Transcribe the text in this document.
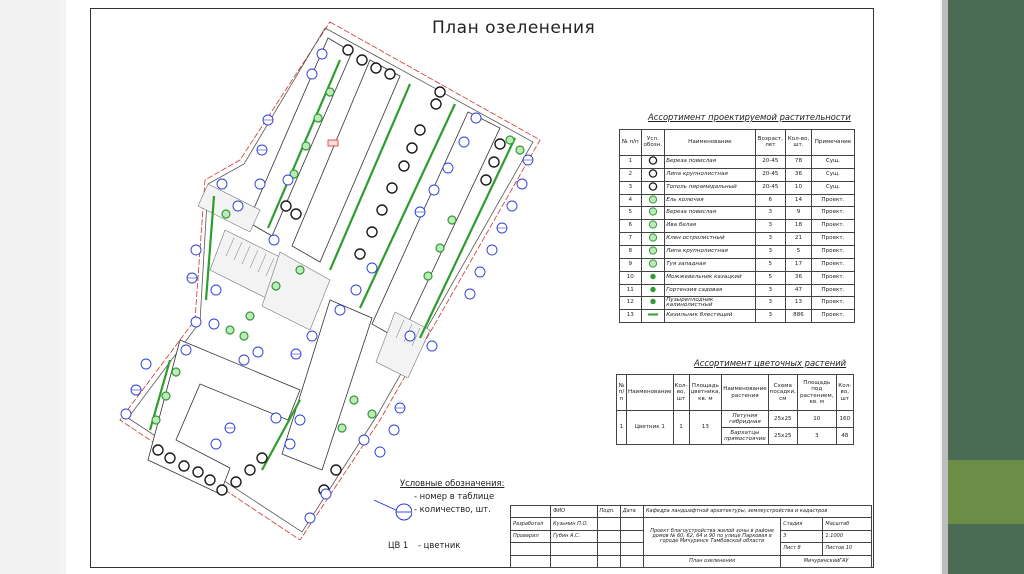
План озеленения
Ассортимент проектируемой растительности
№ п/п	Усл. обозн.	Наименование	Возраст, лет	Кол-во, шт.	Примечание
1		Береза повислая	20-45	78	Сущ.
2		Липа крупнолистная	20-45	36	Сущ.
3		Тополь пирамидальный	20-45	10	Сущ.
4		Ель колючая	6	14	Проект.
5		Береза повислая	3	9	Проект.
6		Ива белая	3	18	Проект.
7		Клен остролистный	3	21	Проект.
8		Липа крупнолистная	3	5	Проект.
9		Туя западная	5	17	Проект.
10		Можжевельник казацкий	5	36	Проект.
11		Гортензия садовая	3	47	Проект.
12		Пузыреплодник калинолистный	3	13	Проект.
13		Кизильник блестящий	3	886	Проект.
Ассортимент цветочных растений
№ п/п	Наименование	Кол-во, шт	Площадь цветника, кв. м	Наименование растения	Схема посадки, см	Площадь под растением, кв. м	Кол-во, шт
1	Цветник 1	1	13	Петуния гибридная	25x25	10	160
				Бархатцы прямостоячие	25x25	3	48
Условные обозначения:
- номер в таблице
- количество, шт.
ЦВ 1 - цветник
	ФИО	Подп.	Дата	Кафедра ландшафтной архитектуры, землеустройства и кадастров		
Разработал	Кузьмин П.О.			Проект благоустройства жилой зоны в районе домов № 60, 62, 64 и 90 по улице Парковая в городе Мичуринск Тамбовской области	Стадия	Масштаб
Проверил	Губин А.С.				3	1:1000
					Лист 8	Листов 10
				План озеленения	МичуринскийГАУ	
